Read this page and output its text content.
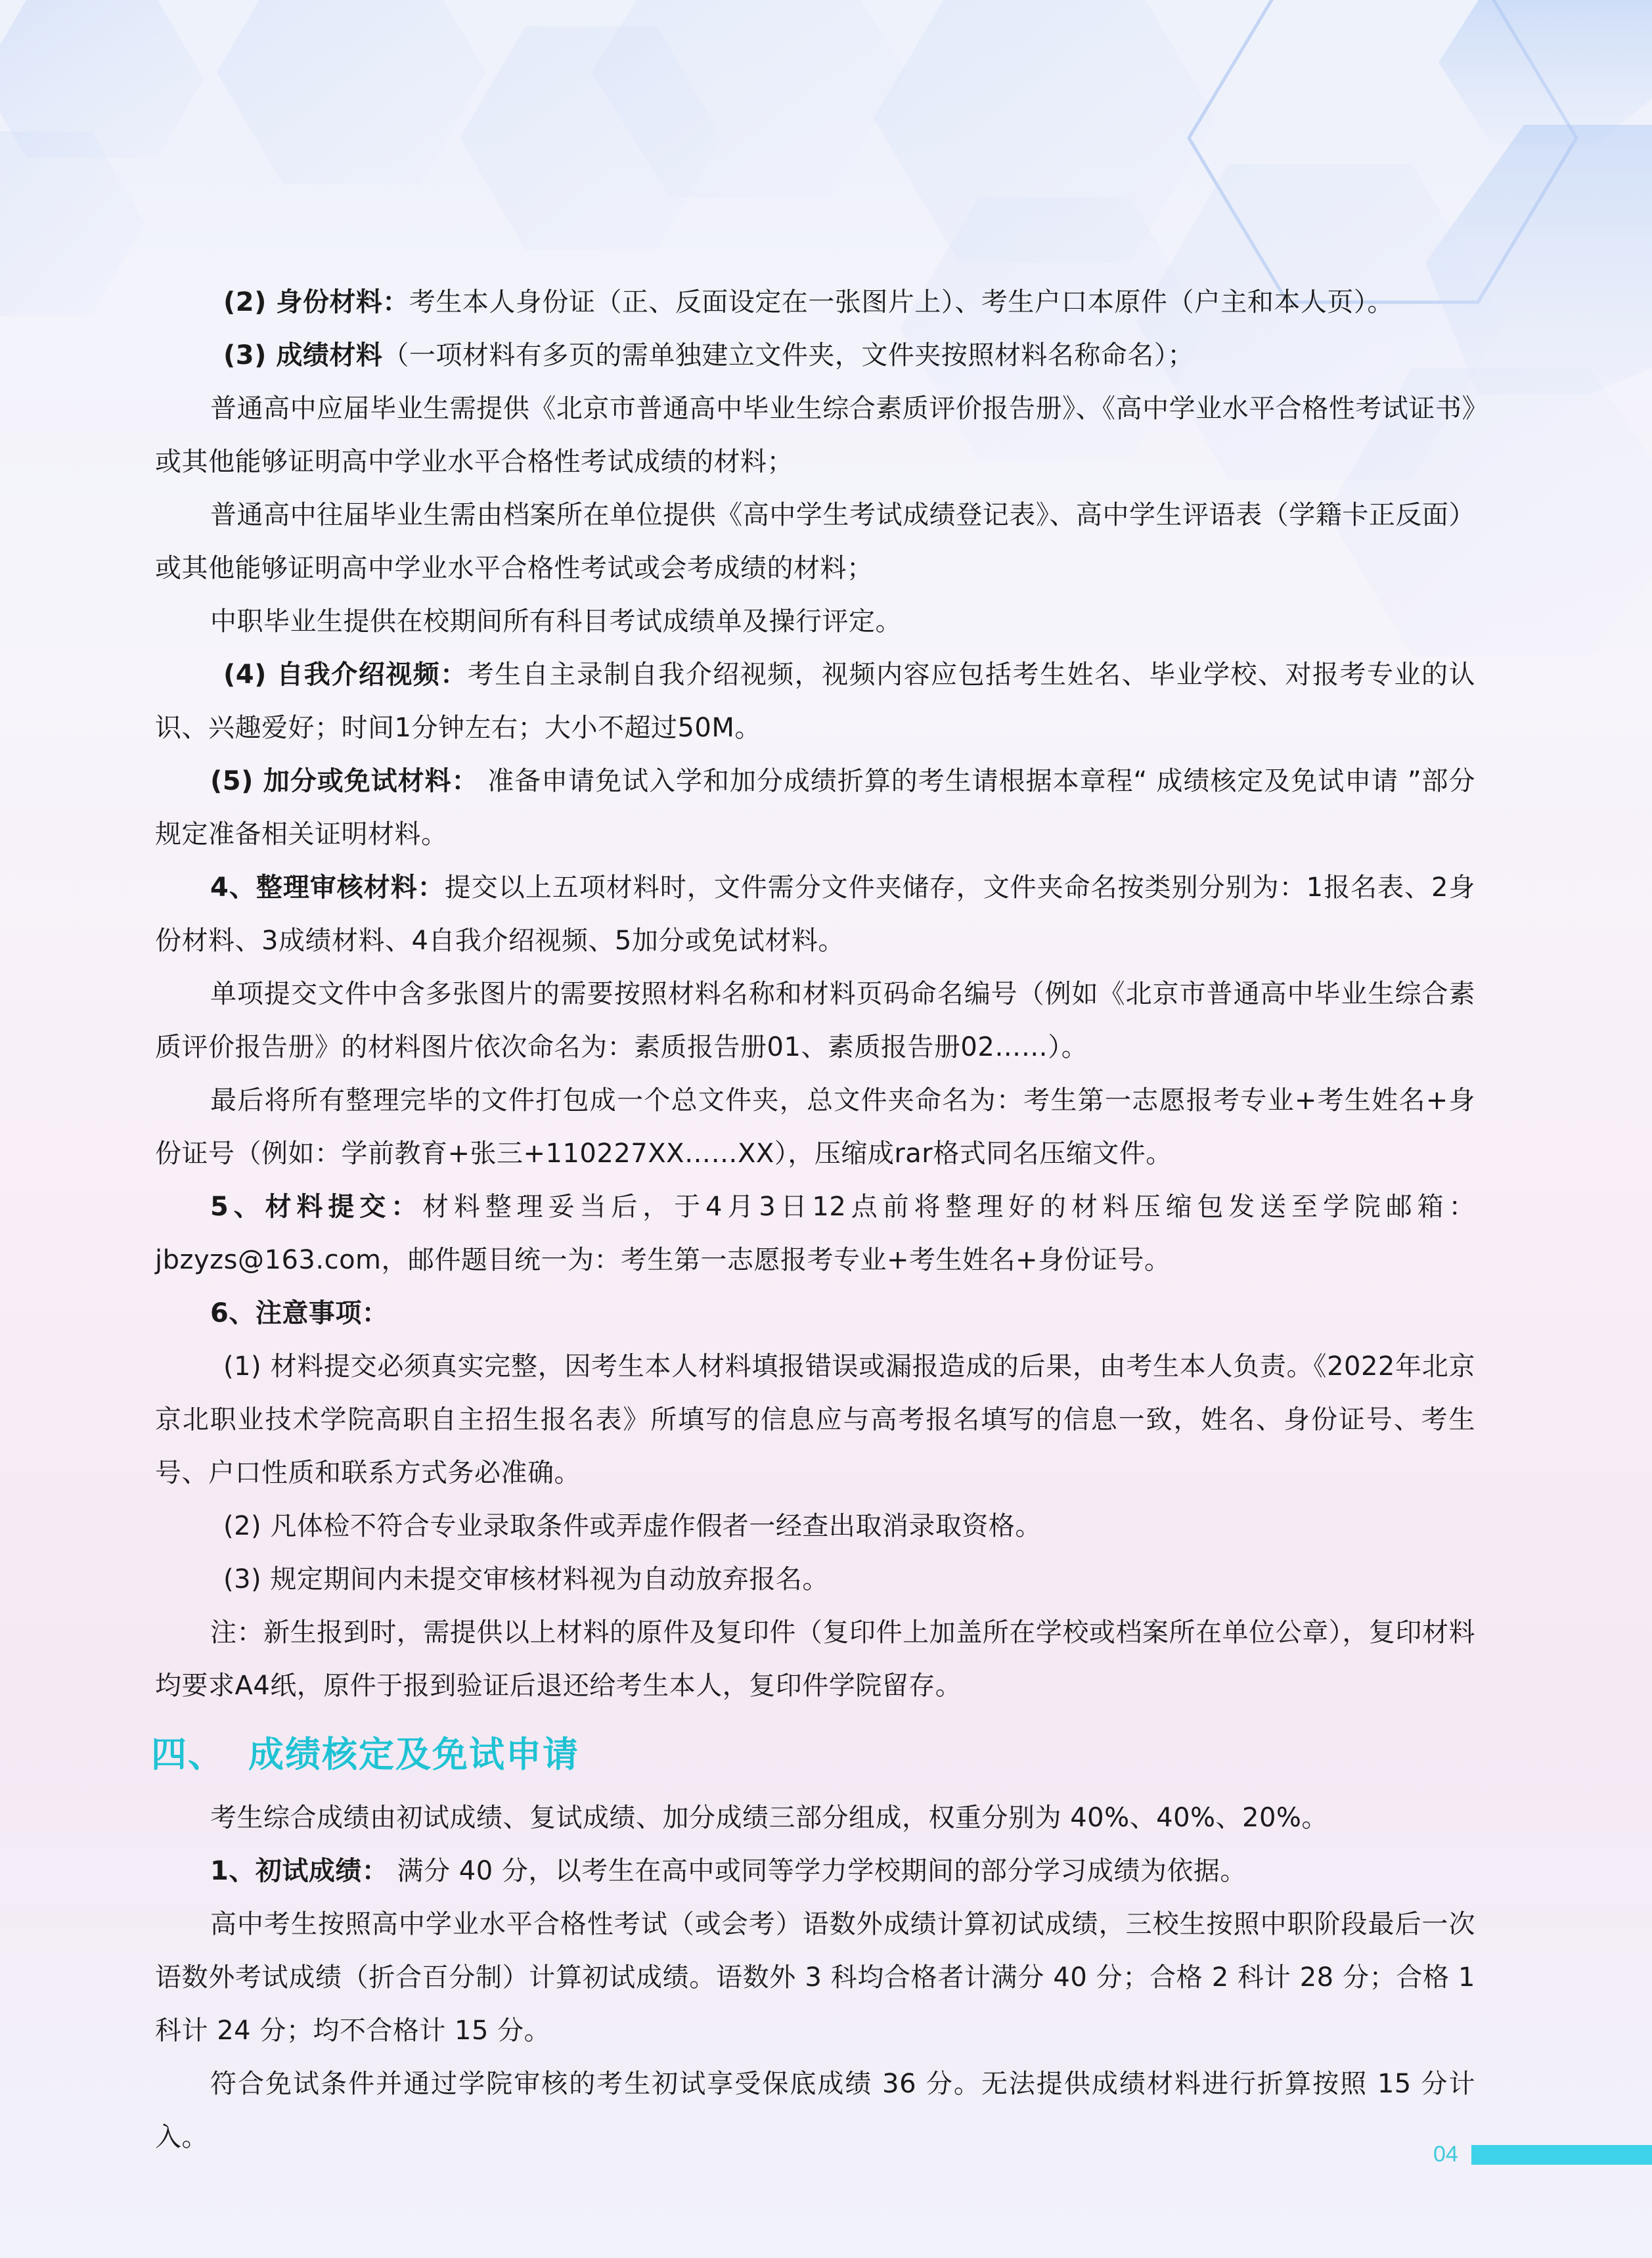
(2) 身份材料：考生本人身份证（正、反面设定在一张图片上）、考生户口本原件（户主和本人页）。
(3) 成绩材料（一项材料有多页的需单独建立文件夹，文件夹按照材料名称命名）；
普通高中应届毕业生需提供《北京市普通高中毕业生综合素质评价报告册》、《高中学业水平合格性考试证书》或其他能够证明高中学业水平合格性考试成绩的材料；
普通高中往届毕业生需由档案所在单位提供《高中学生考试成绩登记表》、高中学生评语表（学籍卡正反面）或其他能够证明高中学业水平合格性考试或会考成绩的材料；
中职毕业生提供在校期间所有科目考试成绩单及操行评定。
(4) 自我介绍视频：考生自主录制自我介绍视频，视频内容应包括考生姓名、毕业学校、对报考专业的认识、兴趣爱好；时间1分钟左右；大小不超过50M。
(5) 加分或免试材料： 准备申请免试入学和加分成绩折算的考生请根据本章程“ 成绩核定及免试申请 ”部分规定准备相关证明材料。
4、整理审核材料：提交以上五项材料时，文件需分文件夹储存，文件夹命名按类别分别为：1报名表、2身份材料、3成绩材料、4自我介绍视频、5加分或免试材料。
单项提交文件中含多张图片的需要按照材料名称和材料页码命名编号（例如《北京市普通高中毕业生综合素质评价报告册》的材料图片依次命名为：素质报告册01、素质报告册02……）。
最后将所有整理完毕的文件打包成一个总文件夹，总文件夹命名为：考生第一志愿报考专业+考生姓名+身份证号（例如：学前教育+张三+110227XX……XX），压缩成rar格式同名压缩文件。
5、材料提交：材料整理妥当后，于4月3日12点前将整理好的材料压缩包发送至学院邮箱：jbzyzs@163.com，邮件题目统一为：考生第一志愿报考专业+考生姓名+身份证号。
6、注意事项：
(1) 材料提交必须真实完整，因考生本人材料填报错误或漏报造成的后果，由考生本人负责。《2022年北京京北职业技术学院高职自主招生报名表》所填写的信息应与高考报名填写的信息一致，姓名、身份证号、考生号、户口性质和联系方式务必准确。
(2) 凡体检不符合专业录取条件或弄虚作假者一经查出取消录取资格。
(3) 规定期间内未提交审核材料视为自动放弃报名。
注：新生报到时，需提供以上材料的原件及复印件（复印件上加盖所在学校或档案所在单位公章），复印材料均要求A4纸，原件于报到验证后退还给考生本人，复印件学院留存。
四、 成绩核定及免试申请
考生综合成绩由初试成绩、复试成绩、加分成绩三部分组成，权重分别为 40%、40%、20%。
1、初试成绩： 满分 40 分，以考生在高中或同等学力学校期间的部分学习成绩为依据。
高中考生按照高中学业水平合格性考试（或会考）语数外成绩计算初试成绩，三校生按照中职阶段最后一次语数外考试成绩（折合百分制）计算初试成绩。语数外 3 科均合格者计满分 40 分；合格 2 科计 28 分；合格 1 科计 24 分；均不合格计 15 分。
符合免试条件并通过学院审核的考生初试享受保底成绩 36 分。无法提供成绩材料进行折算按照 15 分计入。
04
